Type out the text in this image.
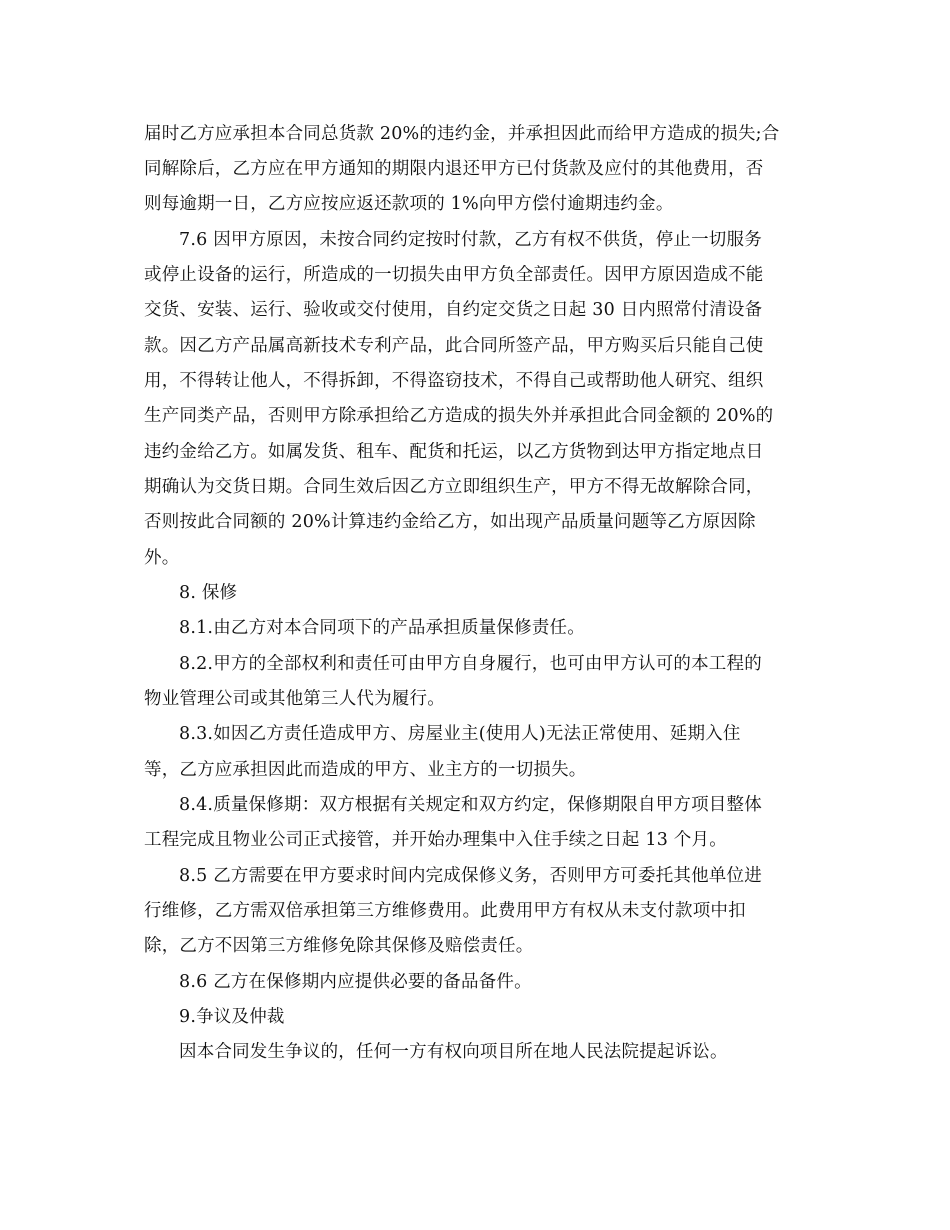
届时乙方应承担本合同总货款 20%的违约金，并承担因此而给甲方造成的损失;合
同解除后，乙方应在甲方通知的期限内退还甲方已付货款及应付的其他费用，否
则每逾期一日，乙方应按应返还款项的 1%向甲方偿付逾期违约金。
7.6 因甲方原因，未按合同约定按时付款，乙方有权不供货，停止一切服务
或停止设备的运行，所造成的一切损失由甲方负全部责任。因甲方原因造成不能
交货、安装、运行、验收或交付使用，自约定交货之日起 30 日内照常付清设备
款。因乙方产品属高新技术专利产品，此合同所签产品，甲方购买后只能自己使
用，不得转让他人，不得拆卸，不得盗窃技术，不得自己或帮助他人研究、组织
生产同类产品，否则甲方除承担给乙方造成的损失外并承担此合同金额的 20%的
违约金给乙方。如属发货、租车、配货和托运，以乙方货物到达甲方指定地点日
期确认为交货日期。合同生效后因乙方立即组织生产，甲方不得无故解除合同，
否则按此合同额的 20%计算违约金给乙方，如出现产品质量问题等乙方原因除
外。
8. 保修
8.1.由乙方对本合同项下的产品承担质量保修责任。
8.2.甲方的全部权利和责任可由甲方自身履行，也可由甲方认可的本工程的
物业管理公司或其他第三人代为履行。
8.3.如因乙方责任造成甲方、房屋业主(使用人)无法正常使用、延期入住
等，乙方应承担因此而造成的甲方、业主方的一切损失。
8.4.质量保修期：双方根据有关规定和双方约定，保修期限自甲方项目整体
工程完成且物业公司正式接管，并开始办理集中入住手续之日起 13 个月。
8.5 乙方需要在甲方要求时间内完成保修义务，否则甲方可委托其他单位进
行维修，乙方需双倍承担第三方维修费用。此费用甲方有权从未支付款项中扣
除，乙方不因第三方维修免除其保修及赔偿责任。
8.6 乙方在保修期内应提供必要的备品备件。
9.争议及仲裁
因本合同发生争议的，任何一方有权向项目所在地人民法院提起诉讼。
